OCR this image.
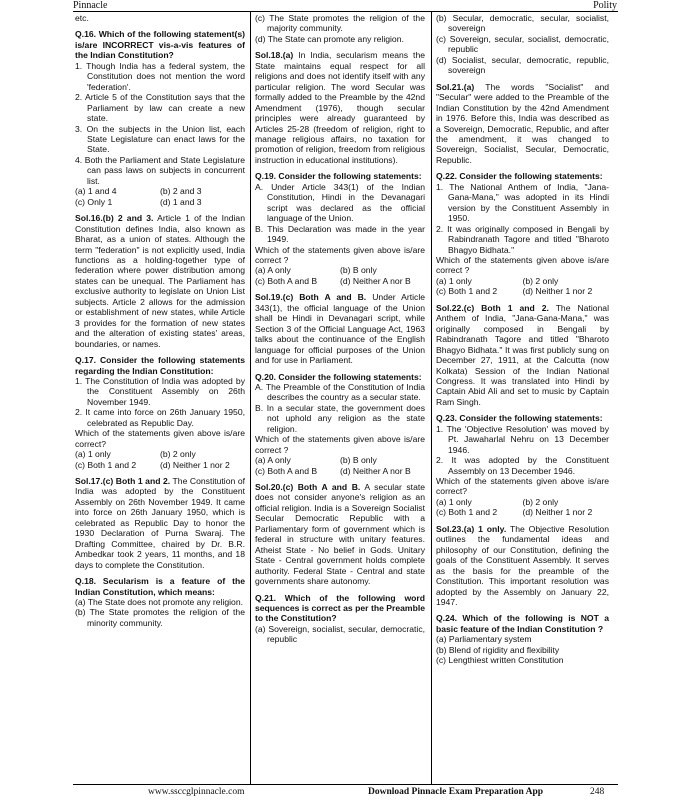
Pinnacle	Polity
etc.
Q.16. Which of the following statement(s) is/are INCORRECT vis-a-vis features of the Indian Constitution?
1. Though India has a federal system, the Constitution does not mention the word 'federation'.
2. Article 5 of the Constitution says that the Parliament by law can create a new state.
3. On the subjects in the Union list, each State Legislature can enact laws for the State.
4. Both the Parliament and State Legislature can pass laws on subjects in concurrent list.
(a) 1 and 4	(b) 2 and 3
(c) Only 1	(d) 1 and 3
Sol.16.(b) 2 and 3. Article 1 of the Indian Constitution defines India, also known as Bharat, as a union of states. Although the term "federation" is not explicitly used, India functions as a holding-together type of federation where power distribution among states can be unequal. The Parliament has exclusive authority to legislate on Union List subjects. Article 2 allows for the admission or establishment of new states, while Article 3 provides for the formation of new states and the alteration of existing states' areas, boundaries, or names.
Q.17. Consider the following statements regarding the Indian Constitution:
1. The Constitution of India was adopted by the Constituent Assembly on 26th November 1949.
2. It came into force on 26th January 1950, celebrated as Republic Day.
Which of the statements given above is/are correct?
(a) 1 only	(b) 2 only
(c) Both 1 and 2	(d) Neither 1 nor 2
Sol.17.(c) Both 1 and 2. The Constitution of India was adopted by the Constituent Assembly on 26th November 1949. It came into force on 26th January 1950, which is celebrated as Republic Day to honor the 1930 Declaration of Purna Swaraj. The Drafting Committee, chaired by Dr. B.R. Ambedkar took 2 years, 11 months, and 18 days to complete the Constitution.
Q.18. Secularism is a feature of the Indian Constitution, which means:
(a) The State does not promote any religion.
(b) The State promotes the religion of the minority community.
(c) The State promotes the religion of the majority community.
(d) The State can promote any religion.
Sol.18.(a) In India, secularism means the State maintains equal respect for all religions and does not identify itself with any particular religion. The word Secular was formally added to the Preamble by the 42nd Amendment (1976), though secular principles were already guaranteed by Articles 25-28 (freedom of religion, right to manage religious affairs, no taxation for promotion of religion, freedom from religious instruction in educational institutions).
Q.19. Consider the following statements:
A. Under Article 343(1) of the Indian Constitution, Hindi in the Devanagari script was declared as the official language of the Union.
B. This Declaration was made in the year 1949.
Which of the statements given above is/are correct ?
(a) A only	(b) B only
(c) Both A and B	(d) Neither A nor B
Sol.19.(c) Both A and B. Under Article 343(1), the official language of the Union shall be Hindi in Devanagari script, while Section 3 of the Official Language Act, 1963 talks about the continuance of the English language for official purposes of the Union and for use in Parliament.
Q.20. Consider the following statements:
A. The Preamble of the Constitution of India describes the country as a secular state.
B. In a secular state, the government does not uphold any religion as the state religion.
Which of the statements given above is/are correct ?
(a) A only	(b) B only
(c) Both A and B	(d) Neither A nor B
Sol.20.(c) Both A and B. A secular state does not consider anyone's religion as an official religion. India is a Sovereign Socialist Secular Democratic Republic with a Parliamentary form of government which is federal in structure with unitary features. Atheist State - No belief in Gods. Unitary State - Central government holds complete authority. Federal State - Central and state governments share autonomy.
Q.21. Which of the following word sequences is correct as per the Preamble to the Constitution?
(a) Sovereign, socialist, secular, democratic, republic
(b) Secular, democratic, secular, socialist, sovereign
(c) Sovereign, secular, socialist, democratic, republic
(d) Socialist, secular, democratic, republic, sovereign
Sol.21.(a) The words "Socialist" and "Secular" were added to the Preamble of the Indian Constitution by the 42nd Amendment in 1976. Before this, India was described as a Sovereign, Democratic, Republic, and after the amendment, it was changed to Sovereign, Socialist, Secular, Democratic, Republic.
Q.22. Consider the following statements:
1. The National Anthem of India, "Jana-Gana-Mana," was adopted in its Hindi version by the Constituent Assembly in 1950.
2. It was originally composed in Bengali by Rabindranath Tagore and titled "Bharoto Bhagyo Bidhata."
Which of the statements given above is/are correct ?
(a) 1 only	(b) 2 only
(c) Both 1 and 2	(d) Neither 1 nor 2
Sol.22.(c) Both 1 and 2. The National Anthem of India, "Jana-Gana-Mana," was originally composed in Bengali by Rabindranath Tagore and titled "Bharoto Bhagyo Bidhata." It was first publicly sung on December 27, 1911, at the Calcutta (now Kolkata) Session of the Indian National Congress. It was translated into Hindi by Captain Abid Ali and set to music by Captain Ram Singh.
Q.23. Consider the following statements:
1. The 'Objective Resolution' was moved by Pt. Jawaharlal Nehru on 13 December 1946.
2. It was adopted by the Constituent Assembly on 13 December 1946.
Which of the statements given above is/are correct?
(a) 1 only	(b) 2 only
(c) Both 1 and 2	(d) Neither 1 nor 2
Sol.23.(a) 1 only. The Objective Resolution outlines the fundamental ideas and philosophy of our Constitution, defining the goals of the Constituent Assembly. It serves as the basis for the preamble of the Constitution. This important resolution was adopted by the Assembly on January 22, 1947.
Q.24. Which of the following is NOT a basic feature of the Indian Constitution ?
(a) Parliamentary system
(b) Blend of rigidity and flexibility
(c) Lengthiest written Constitution
www.ssccglpinnacle.com	Download Pinnacle Exam Preparation App	248
